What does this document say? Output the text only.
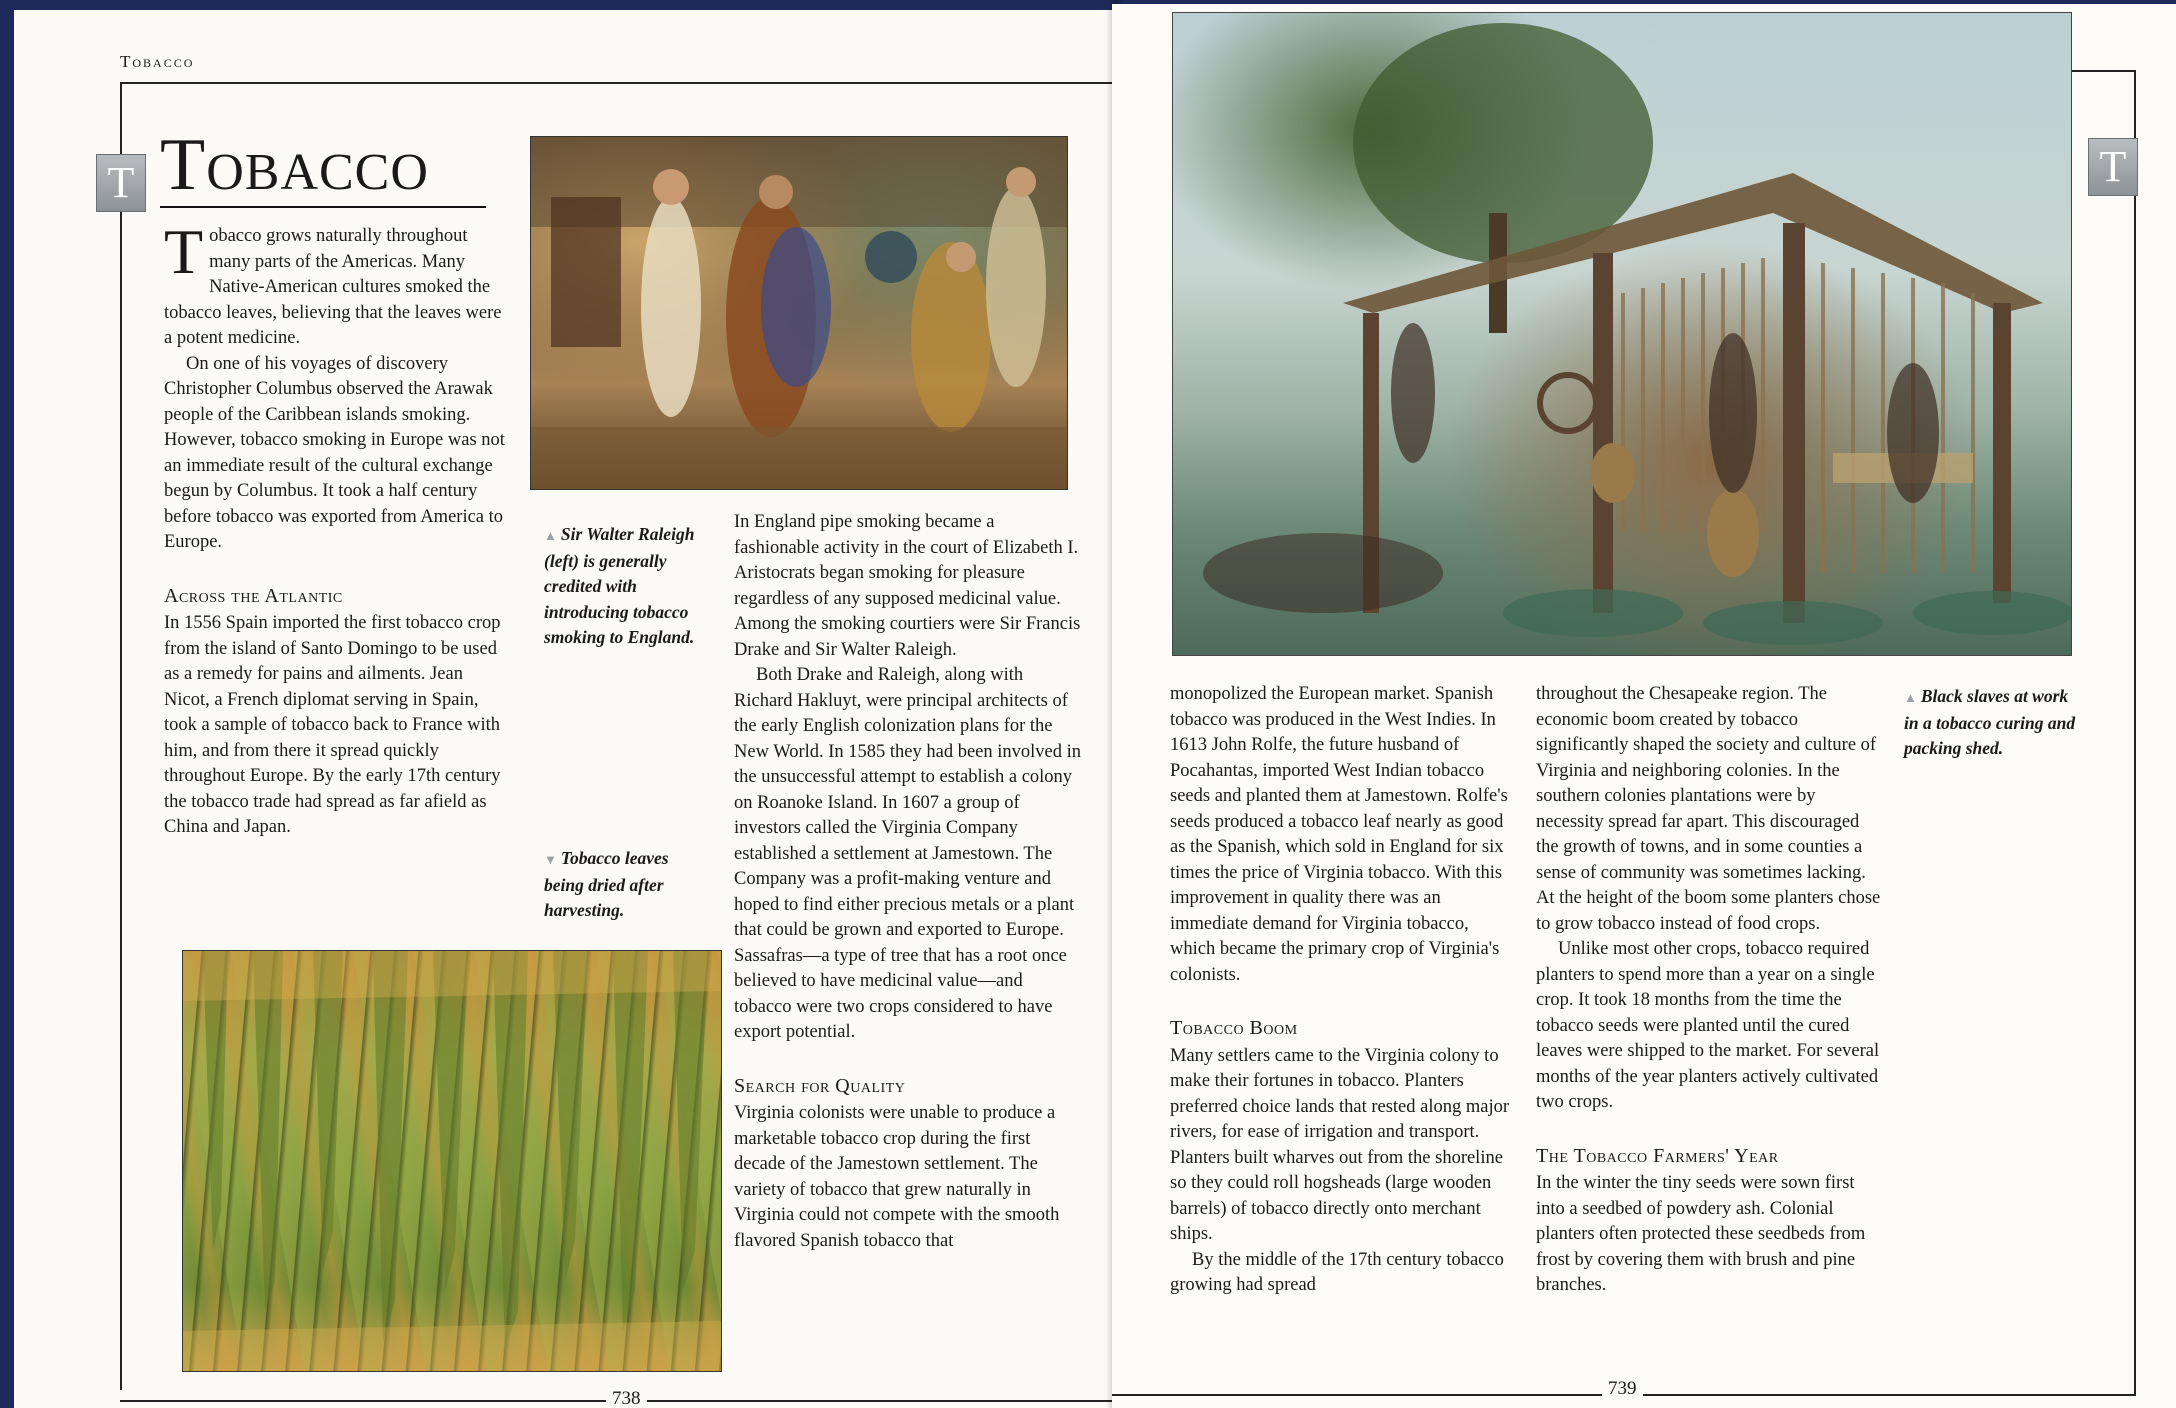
Tobacco
T Tobacco

Tobacco grows naturally throughout many parts of the Americas. Many Native-American cultures smoked the tobacco leaves, believing that the leaves were a potent medicine.

On one of his voyages of discovery Christopher Columbus observed the Arawak people of the Caribbean islands smoking. However, tobacco smoking in Europe was not an immediate result of the cultural exchange begun by Columbus. It took a half century before tobacco was exported from America to Europe.

Across the Atlantic

In 1556 Spain imported the first tobacco crop from the island of Santo Domingo to be used as a remedy for pains and ailments. Jean Nicot, a French diplomat serving in Spain, took a sample of tobacco back to France with him, and from there it spread quickly throughout Europe. By the early 17th century the tobacco trade had spread as far afield as China and Japan.

▲ Sir Walter Raleigh (left) is generally credited with introducing tobacco smoking to England.
▼ Tobacco leaves being dried after harvesting.

In England pipe smoking became a fashionable activity in the court of Elizabeth I. Aristocrats began smoking for pleasure regardless of any supposed medicinal value. Among the smoking courtiers were Sir Francis Drake and Sir Walter Raleigh.

Both Drake and Raleigh, along with Richard Hakluyt, were principal architects of the early English colonization plans for the New World. In 1585 they had been involved in the unsuccessful attempt to establish a colony on Roanoke Island. In 1607 a group of investors called the Virginia Company established a settlement at Jamestown. The Company was a profit-making venture and hoped to find either precious metals or a plant that could be grown and exported to Europe. Sassafras—a type of tree that has a root once believed to have medicinal value—and tobacco were two crops considered to have export potential.

Search for Quality

Virginia colonists were unable to produce a marketable tobacco crop during the first decade of the Jamestown settlement. The variety of tobacco that grew naturally in Virginia could not compete with the smooth flavored Spanish tobacco that

738
T
▲ Black slaves at work in a tobacco curing and packing shed.

monopolized the European market. Spanish tobacco was produced in the West Indies. In 1613 John Rolfe, the future husband of Pocahantas, imported West Indian tobacco seeds and planted them at Jamestown. Rolfe's seeds produced a tobacco leaf nearly as good as the Spanish, which sold in England for six times the price of Virginia tobacco. With this improvement in quality there was an immediate demand for Virginia tobacco, which became the primary crop of Virginia's colonists.

Tobacco Boom

Many settlers came to the Virginia colony to make their fortunes in tobacco. Planters preferred choice lands that rested along major rivers, for ease of irrigation and transport. Planters built wharves out from the shoreline so they could roll hogsheads (large wooden barrels) of tobacco directly onto merchant ships.

By the middle of the 17th century tobacco growing had spread

throughout the Chesapeake region. The economic boom created by tobacco significantly shaped the society and culture of Virginia and neighboring colonies. In the southern colonies plantations were by necessity spread far apart. This discouraged the growth of towns, and in some counties a sense of community was sometimes lacking. At the height of the boom some planters chose to grow tobacco instead of food crops.

Unlike most other crops, tobacco required planters to spend more than a year on a single crop. It took 18 months from the time the tobacco seeds were planted until the cured leaves were shipped to the market. For several months of the year planters actively cultivated two crops.

The Tobacco Farmers' Year

In the winter the tiny seeds were sown first into a seedbed of powdery ash. Colonial planters often protected these seedbeds from frost by covering them with brush and pine branches.

739
